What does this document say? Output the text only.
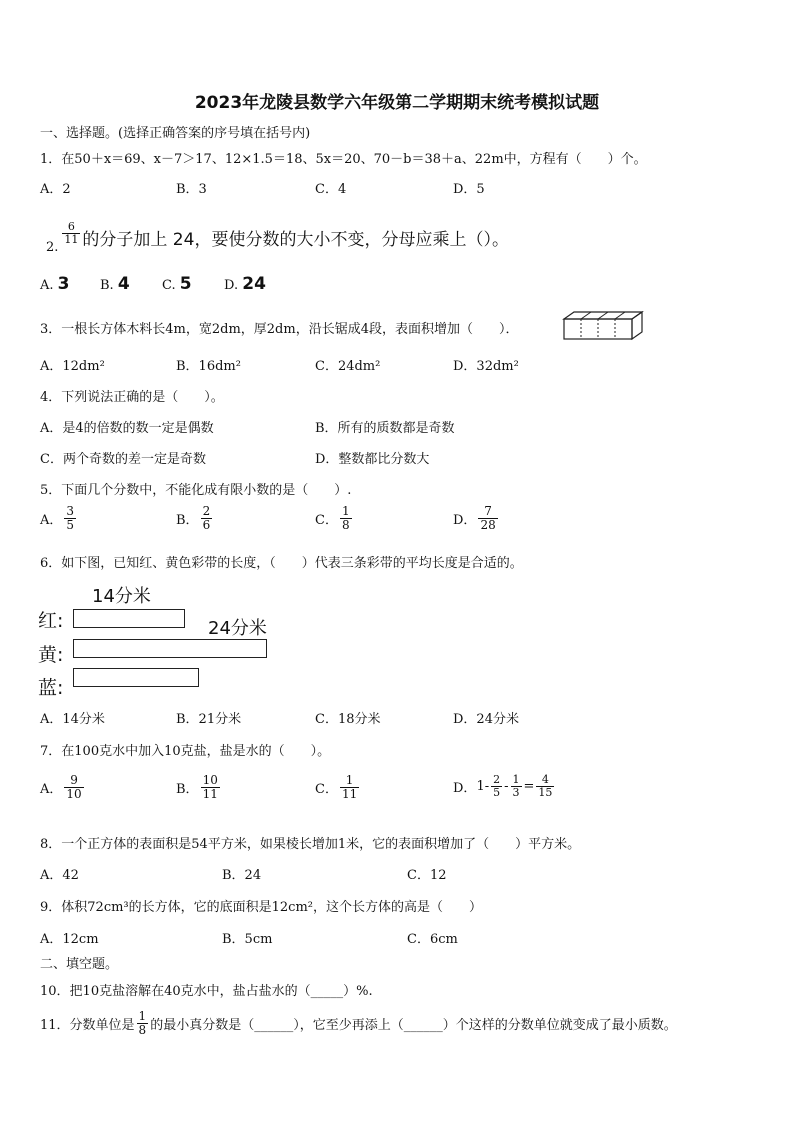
2023年龙陵县数学六年级第二学期期末统考模拟试题
一、选择题。(选择正确答案的序号填在括号内)
1．在50＋x＝69、x－7＞17、12×1.5＝18、5x＝20、70－b＝38＋a、22m中，方程有（　　）个。
A．2	B．3	C．4	D．5
2.
$\frac{6}{11}$ 的分子加上 24，要使分数的大小不变，分母应乘上（）。
A. 3 B. 4 C. 5 D. 24
3．一根长方体木料长4m，宽2dm，厚2dm，沿长锯成4段，表面积增加（　　）．
A．12dm²	B．16dm²	C．24dm²	D．32dm²
4．下列说法正确的是（　　）。
A．是4的倍数的数一定是偶数	B．所有的质数都是奇数
C．两个奇数的差一定是奇数	D．整数都比分数大
5．下面几个分数中，不能化成有限小数的是（　　）.
A． $\frac{3}{5}$	B． $\frac{2}{6}$	C． $\frac{1}{8}$	D． $\frac{7}{28}$
6．如下图，已知红、黄色彩带的长度，（　　）代表三条彩带的平均长度是合适的。
14分米
24分米
红:
黄:
蓝:
A．14分米	B．21分米	C．18分米	D．24分米
7．在100克水中加入10克盐，盐是水的（　　）。
A． $\frac{9}{10}$	B． $\frac{10}{11}$	C． $\frac{1}{11}$	D． $1- \frac{2}{5} - \frac{1}{3} = \frac{4}{15}$
8．一个正方体的表面积是54平方米，如果棱长增加1米，它的表面积增加了（　　）平方米。
A．42	B．24	C．12
9．体积72cm³的长方体，它的底面积是12cm²，这个长方体的高是（　　）
A．12cm	B．5cm	C．6cm
二、填空题。
10．把10克盐溶解在40克水中，盐占盐水的（_____）%.
11．分数单位是 $\frac{1}{8}$ 的最小真分数是（______），它至少再添上（______）个这样的分数单位就变成了最小质数。
